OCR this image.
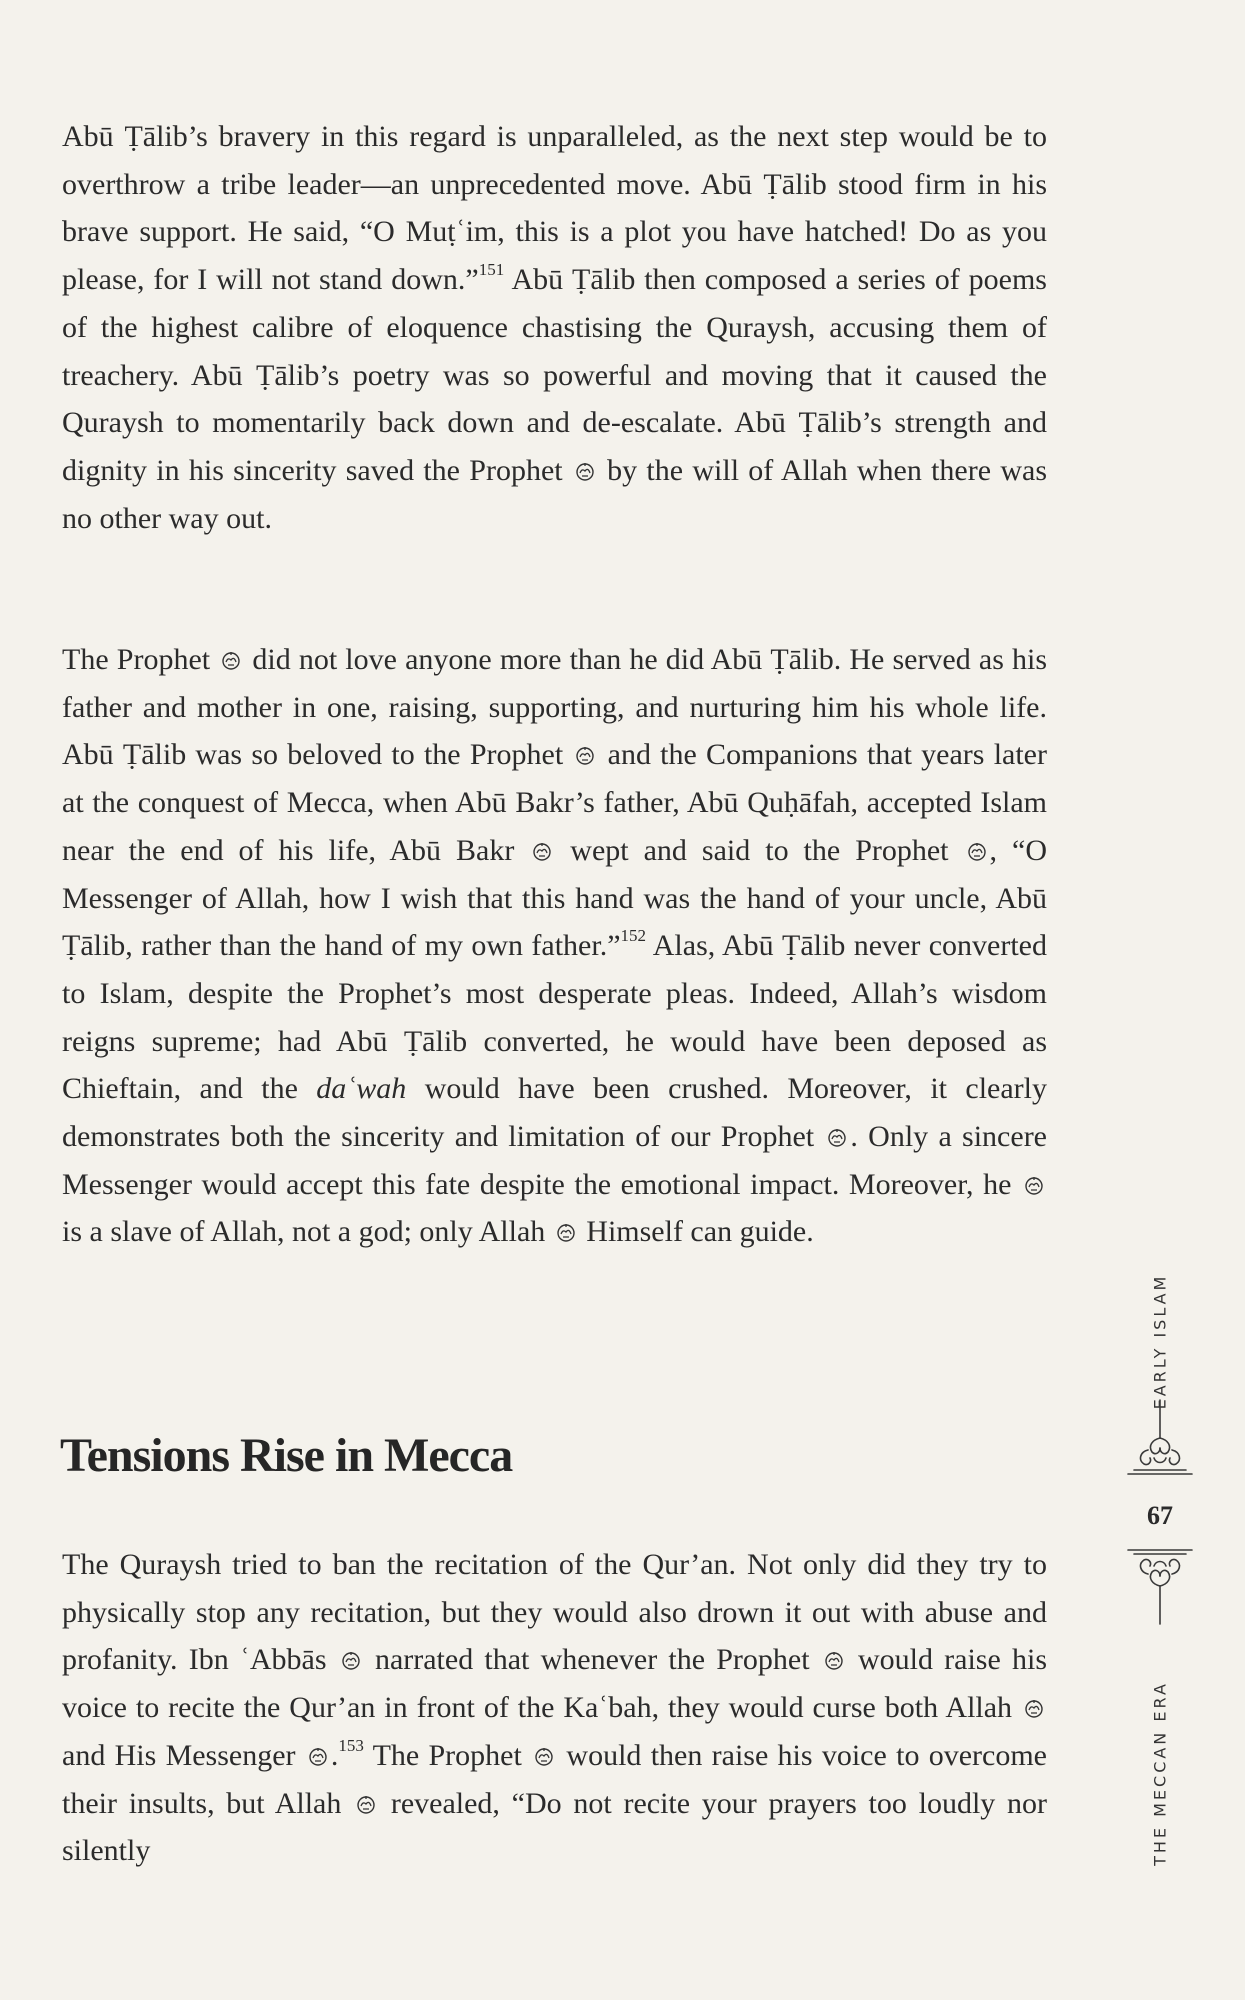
Abū Ṭālib’s bravery in this regard is unparalleled, as the next step would be to overthrow a tribe leader—an unprecedented move. Abū Ṭālib stood firm in his brave support. He said, “O Muṭʿim, this is a plot you have hatched! Do as you please, for I will not stand down.”$^{151}$ Abū Ṭālib then composed a series of poems of the highest calibre of eloquence chastising the Quraysh, accusing them of treachery. Abū Ṭālib’s poetry was so powerful and moving that it caused the Quraysh to momentarily back down and de-escalate. Abū Ṭālib’s strength and dignity in his sincerity saved the Prophet  by the will of Allah when there was no other way out.

The Prophet  did not love anyone more than he did Abū Ṭālib. He served as his father and mother in one, raising, supporting, and nurturing him his whole life. Abū Ṭālib was so beloved to the Prophet  and the Companions that years later at the conquest of Mecca, when Abū Bakr’s father, Abū Quḥāfah, accepted Islam near the end of his life, Abū Bakr  wept and said to the Prophet , “O Messenger of Allah, how I wish that this hand was the hand of your uncle, Abū Ṭālib, rather than the hand of my own father.”$^{152}$ Alas, Abū Ṭālib never converted to Islam, despite the Prophet’s most desperate pleas. Indeed, Allah’s wisdom reigns supreme; had Abū Ṭālib converted, he would have been deposed as Chieftain, and the daʿwah would have been crushed. Moreover, it clearly demonstrates both the sincerity and limitation of our Prophet . Only a sincere Messenger would accept this fate despite the emotional impact. Moreover, he  is a slave of Allah, not a god; only Allah  Himself can guide.

Tensions Rise in Mecca

The Quraysh tried to ban the recitation of the Qur’an. Not only did they try to physically stop any recitation, but they would also drown it out with abuse and profanity. Ibn ʿAbbās  narrated that whenever the Prophet  would raise his voice to recite the Qur’an in front of the Kaʿbah, they would curse both Allah  and His Messenger .$^{153}$ The Prophet  would then raise his voice to overcome their insults, but Allah  revealed, “Do not recite your prayers too loudly nor silently

EARLY ISLAM
THE MECCAN ERA
67
